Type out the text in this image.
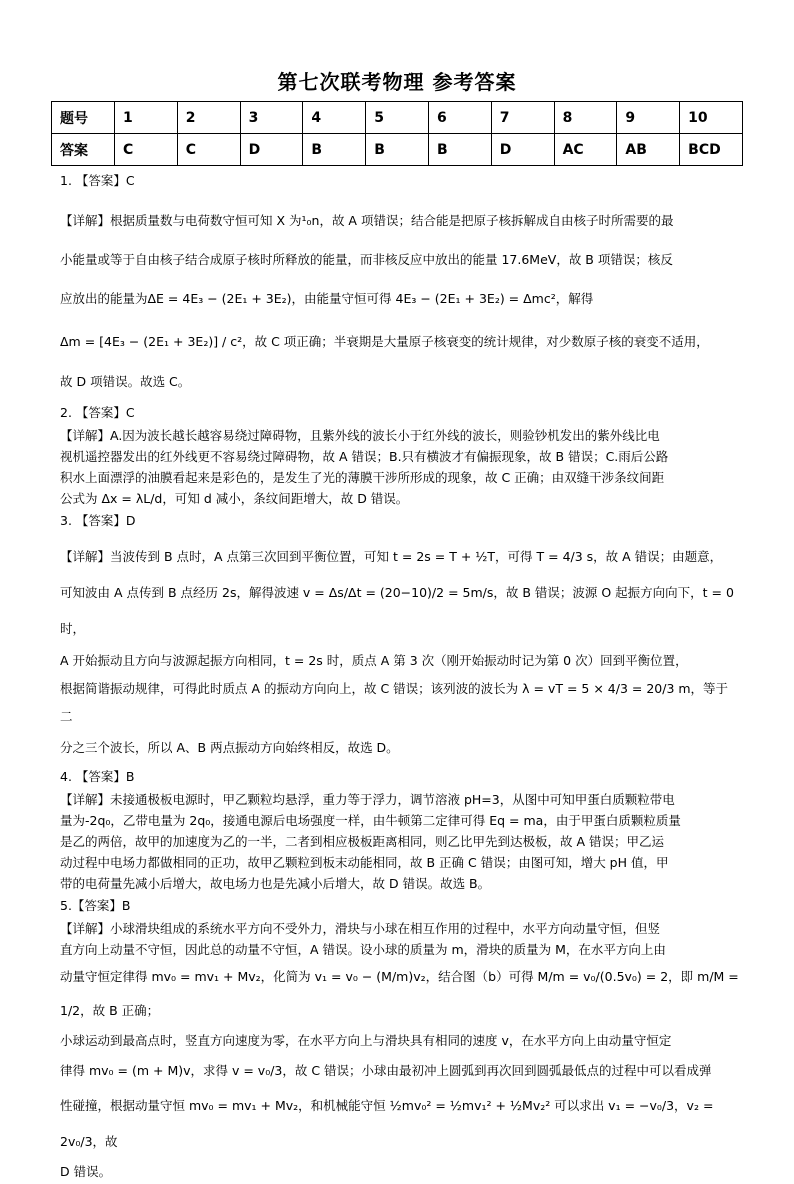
第七次联考物理 参考答案
题号	1	2	3	4	5	6	7	8	9	10
答案	C	C	D	B	B	B	D	AC	AB	BCD

1. 【答案】C

【详解】根据质量数与电荷数守恒可知 X 为¹₀n，故 A 项错误；结合能是把原子核拆解成自由核子时所需要的最

小能量或等于自由核子结合成原子核时所释放的能量，而非核反应中放出的能量 17.6MeV，故 B 项错误；核反

应放出的能量为ΔE = 4E₃ − (2E₁ + 3E₂)，由能量守恒可得 4E₃ − (2E₁ + 3E₂) = Δmc²，解得

Δm = [4E₃ − (2E₁ + 3E₂)] / c²，故 C 项正确；半衰期是大量原子核衰变的统计规律，对少数原子核的衰变不适用，

故 D 项错误。故选 C。

2. 【答案】C

【详解】A.因为波长越长越容易绕过障碍物，且紫外线的波长小于红外线的波长，则验钞机发出的紫外线比电

视机遥控器发出的红外线更不容易绕过障碍物，故 A 错误；B.只有横波才有偏振现象，故 B 错误；C.雨后公路

积水上面漂浮的油膜看起来是彩色的，是发生了光的薄膜干涉所形成的现象，故 C 正确；由双缝干涉条纹间距

公式为 Δx = λL/d，可知 d 减小，条纹间距增大，故 D 错误。

3. 【答案】D

【详解】当波传到 B 点时，A 点第三次回到平衡位置，可知 t = 2s = T + ½T，可得 T = 4/3 s，故 A 错误；由题意，

可知波由 A 点传到 B 点经历 2s，解得波速 v = Δs/Δt = (20−10)/2 = 5m/s，故 B 错误；波源 O 起振方向向下，t = 0 时，

A 开始振动且方向与波源起振方向相同，t = 2s 时，质点 A 第 3 次（刚开始振动时记为第 0 次）回到平衡位置，

根据简谐振动规律，可得此时质点 A 的振动方向向上，故 C 错误；该列波的波长为 λ = vT = 5 × 4/3 = 20/3 m，等于二

分之三个波长，所以 A、B 两点振动方向始终相反，故选 D。

4. 【答案】B

【详解】未接通极板电源时，甲乙颗粒均悬浮，重力等于浮力，调节溶液 pH=3，从图中可知甲蛋白质颗粒带电

量为-2q₀，乙带电量为 2q₀，接通电源后电场强度一样，由牛顿第二定律可得 Eq = ma，由于甲蛋白质颗粒质量

是乙的两倍，故甲的加速度为乙的一半，二者到相应极板距离相同，则乙比甲先到达极板，故 A 错误；甲乙运

动过程中电场力都做相同的正功，故甲乙颗粒到板末动能相同，故 B 正确 C 错误；由图可知，增大 pH 值，甲

带的电荷量先减小后增大，故电场力也是先减小后增大，故 D 错误。故选 B。

5.【答案】B

【详解】小球滑块组成的系统水平方向不受外力，滑块与小球在相互作用的过程中，水平方向动量守恒，但竖

直方向上动量不守恒，因此总的动量不守恒，A 错误。设小球的质量为 m，滑块的质量为 M，在水平方向上由

动量守恒定律得 mv₀ = mv₁ + Mv₂，化简为 v₁ = v₀ − (M/m)v₂，结合图（b）可得 M/m = v₀/(0.5v₀) = 2，即 m/M = 1/2，故 B 正确；

小球运动到最高点时，竖直方向速度为零，在水平方向上与滑块具有相同的速度 v，在水平方向上由动量守恒定

律得 mv₀ = (m + M)v，求得 v = v₀/3，故 C 错误；小球由最初冲上圆弧到再次回到圆弧最低点的过程中可以看成弹

性碰撞，根据动量守恒 mv₀ = mv₁ + Mv₂，和机械能守恒 ½mv₀² = ½mv₁² + ½Mv₂² 可以求出 v₁ = −v₀/3，v₂ = 2v₀/3，故

D 错误。
